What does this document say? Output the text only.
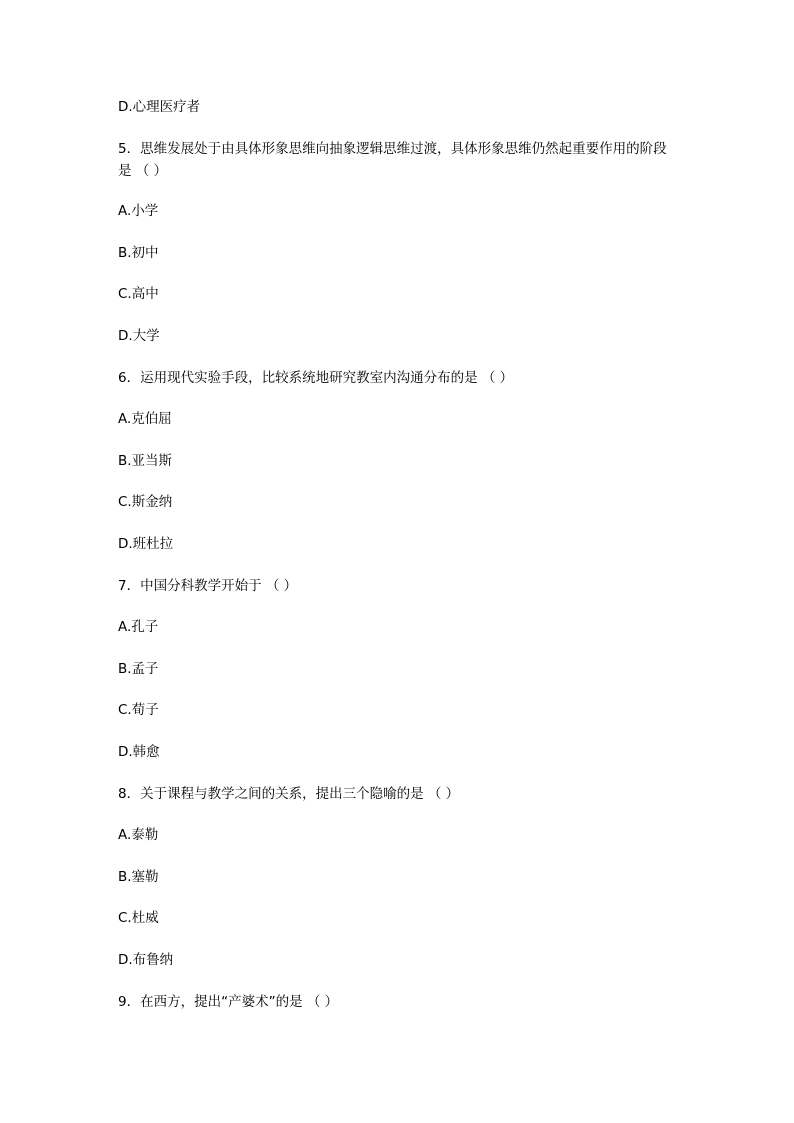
D.心理医疗者
5．思维发展处于由具体形象思维向抽象逻辑思维过渡，具体形象思维仍然起重要作用的阶段是 （ ）
A.小学
B.初中
C.高中
D.大学
6．运用现代实验手段，比较系统地研究教室内沟通分布的是 （ ）
A.克伯屈
B.亚当斯
C.斯金纳
D.班杜拉
7．中国分科教学开始于 （ ）
A.孔子
B.孟子
C.荀子
D.韩愈
8．关于课程与教学之间的关系，提出三个隐喻的是 （ ）
A.泰勒
B.塞勒
C.杜威
D.布鲁纳
9．在西方，提出“产婆术”的是 （ ）
